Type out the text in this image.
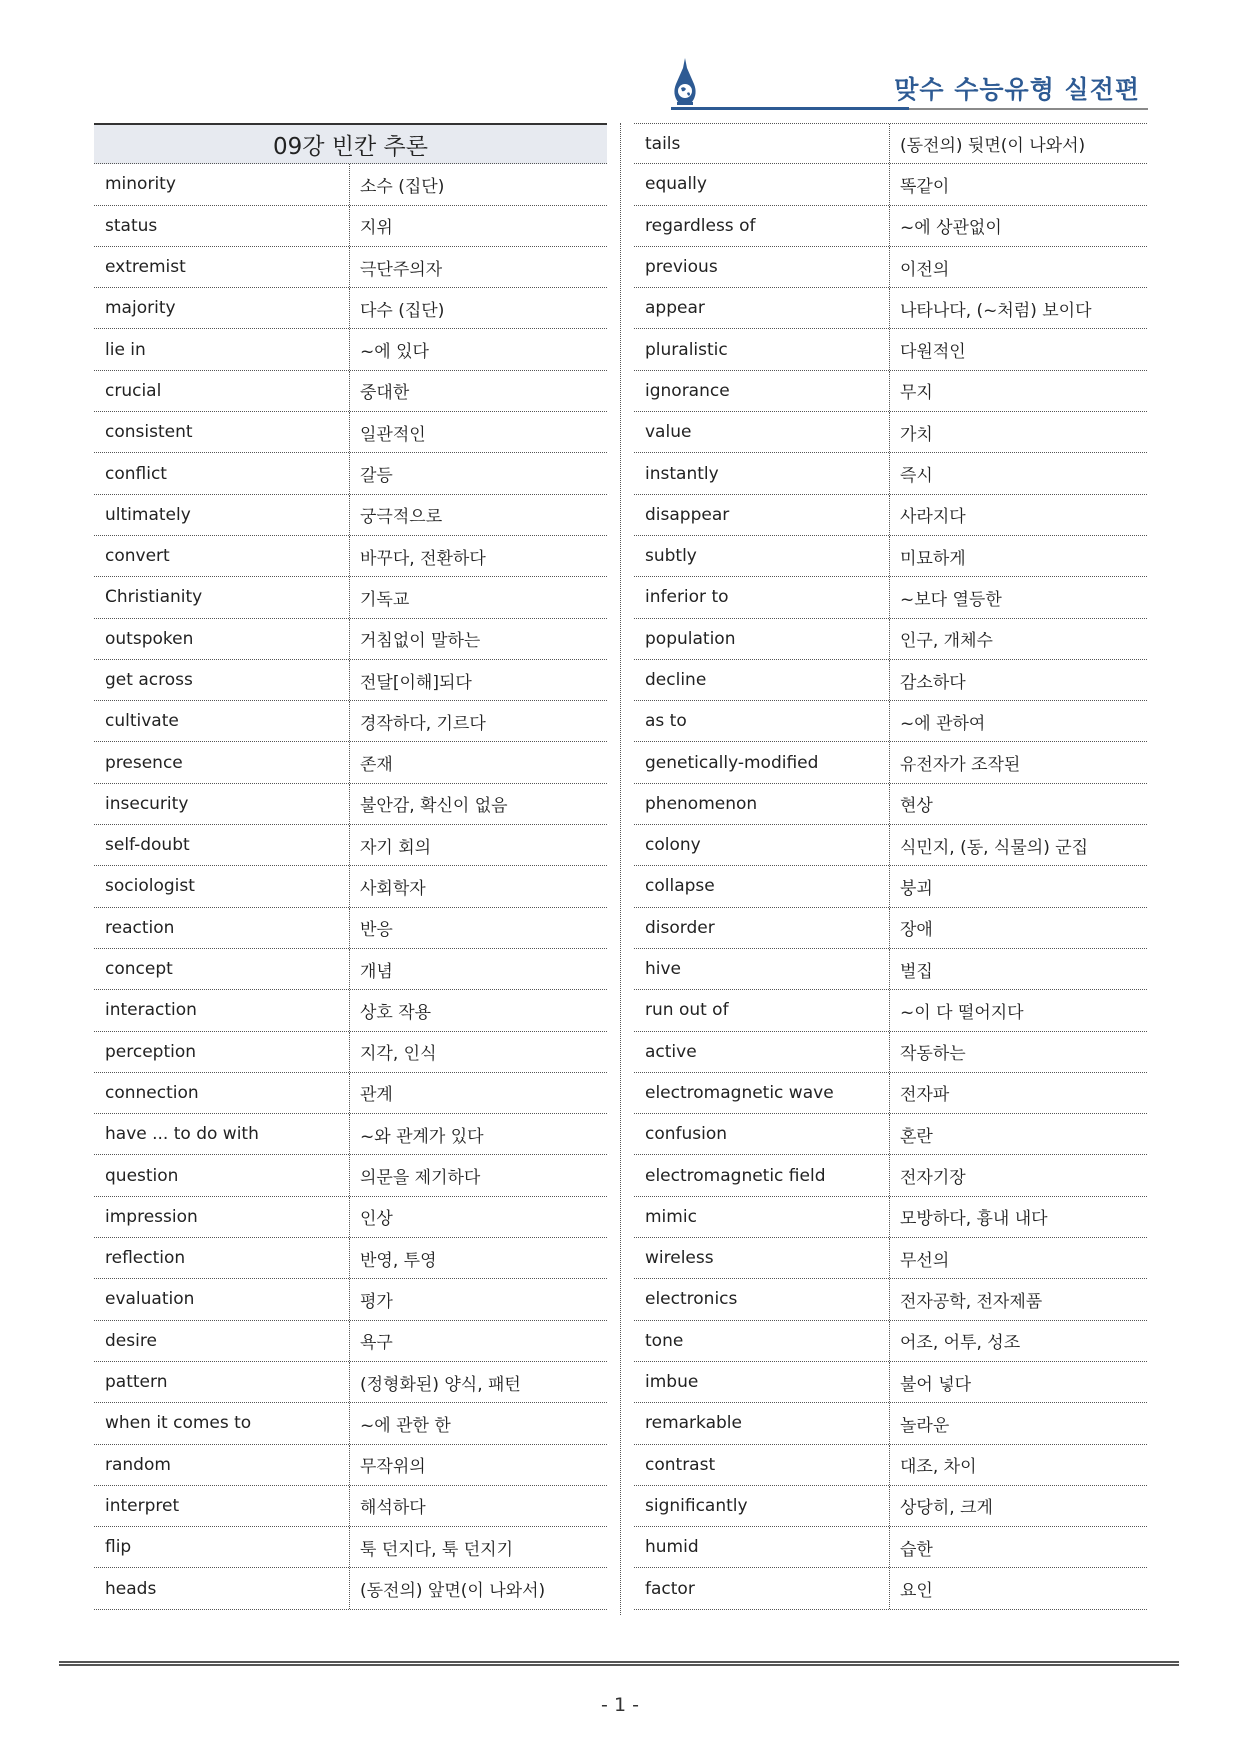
맞수 수능유형 실전편
09강 빈칸 추론
minority	소수 (집단)
status	지위
extremist	극단주의자
majority	다수 (집단)
lie in	~에 있다
crucial	중대한
consistent	일관적인
conflict	갈등
ultimately	궁극적으로
convert	바꾸다, 전환하다
Christianity	기독교
outspoken	거침없이 말하는
get across	전달[이해]되다
cultivate	경작하다, 기르다
presence	존재
insecurity	불안감, 확신이 없음
self-doubt	자기 회의
sociologist	사회학자
reaction	반응
concept	개념
interaction	상호 작용
perception	지각, 인식
connection	관계
have ... to do with	~와 관계가 있다
question	의문을 제기하다
impression	인상
reflection	반영, 투영
evaluation	평가
desire	욕구
pattern	(정형화된) 양식, 패턴
when it comes to	~에 관한 한
random	무작위의
interpret	해석하다
flip	툭 던지다, 툭 던지기
heads	(동전의) 앞면(이 나와서)
tails	(동전의) 뒷면(이 나와서)
equally	똑같이
regardless of	~에 상관없이
previous	이전의
appear	나타나다, (~처럼) 보이다
pluralistic	다원적인
ignorance	무지
value	가치
instantly	즉시
disappear	사라지다
subtly	미묘하게
inferior to	~보다 열등한
population	인구, 개체수
decline	감소하다
as to	~에 관하여
genetically-modified	유전자가 조작된
phenomenon	현상
colony	식민지, (동, 식물의) 군집
collapse	붕괴
disorder	장애
hive	벌집
run out of	~이 다 떨어지다
active	작동하는
electromagnetic wave	전자파
confusion	혼란
electromagnetic field	전자기장
mimic	모방하다, 흉내 내다
wireless	무선의
electronics	전자공학, 전자제품
tone	어조, 어투, 성조
imbue	불어 넣다
remarkable	놀라운
contrast	대조, 차이
significantly	상당히, 크게
humid	습한
factor	요인
- 1 -
